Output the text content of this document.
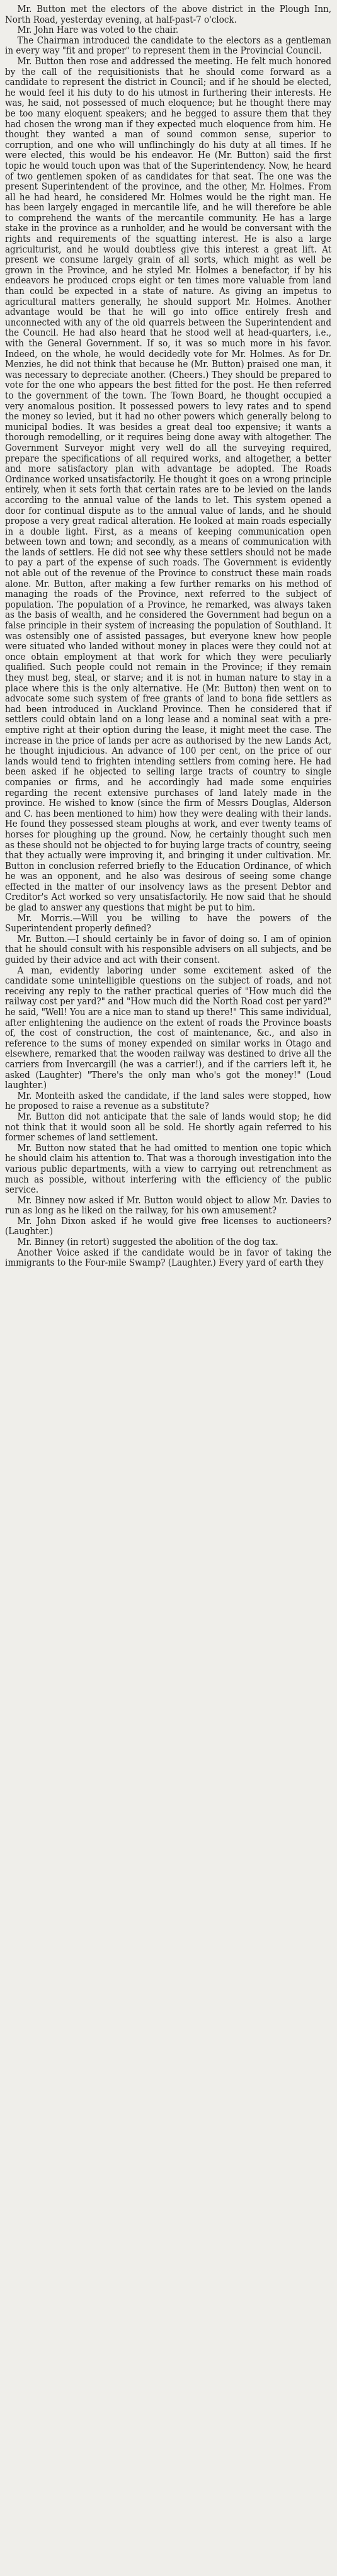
Mr. Button met the electors of the above district in the Plough Inn, North Road, yesterday evening, at half-past-7 o'clock.

Mr. John Hare was voted to the chair.

The Chairman introduced the candidate to the electors as a gentleman in every way "fit and proper" to represent them in the Provincial Council.

Mr. Button then rose and addressed the meeting. He felt much honored by the call of the requisitionists that he should come forward as a candidate to represent the district in Council; and if he should be elected, he would feel it his duty to do his utmost in furthering their interests. He was, he said, not possessed of much eloquence; but he thought there may be too many eloquent speakers; and he begged to assure them that they had chosen the wrong man if they expected much eloquence from him. He thought they wanted a man of sound common sense, superior to corruption, and one who will unflinchingly do his duty at all times. If he were elected, this would be his endeavor. He (Mr. Button) said the first topic he would touch upon was that of the Superintendency. Now, he heard of two gentlemen spoken of as candidates for that seat. The one was the present Superintendent of the province, and the other, Mr. Holmes. From all he had heard, he considered Mr. Holmes would be the right man. He has been largely engaged in mercantile life, and he will therefore be able to comprehend the wants of the mercantile community. He has a large stake in the province as a runholder, and he would be conversant with the rights and requirements of the squatting interest. He is also a large agriculturist, and he would doubtless give this interest a great lift. At present we consume largely grain of all sorts, which might as well be grown in the Province, and he styled Mr. Holmes a benefactor, if by his endeavors he produced crops eight or ten times more valuable from land than could be expected in a state of nature. As giving an impetus to agricultural matters generally, he should support Mr. Holmes. Another advantage would be that he will go into office entirely fresh and unconnected with any of the old quarrels between the Superintendent and the Council. He had also heard that he stood well at head-quarters, i.e., with the General Government. If so, it was so much more in his favor. Indeed, on the whole, he would decidedly vote for Mr. Holmes. As for Dr. Menzies, he did not think that because he (Mr. Button) praised one man, it was necessary to depreciate another. (Cheers.) They should be prepared to vote for the one who appears the best fitted for the post. He then referred to the government of the town. The Town Board, he thought occupied a very anomalous position. It possessed powers to levy rates and to spend the money so levied, but it had no other powers which generally belong to municipal bodies. It was besides a great deal too expensive; it wants a thorough remodelling, or it requires being done away with altogether. The Government Surveyor might very well do all the surveying required, prepare the specifications of all required works, and altogether, a better and more satisfactory plan with advantage be adopted. The Roads Ordinance worked unsatisfactorily. He thought it goes on a wrong principle entirely, when it sets forth that certain rates are to be levied on the lands according to the annual value of the lands to let. This system opened a door for continual dispute as to the annual value of lands, and he should propose a very great radical alteration. He looked at main roads especially in a double light. First, as a means of keeping communication open between town and town; and secondly, as a means of communication with the lands of settlers. He did not see why these settlers should not be made to pay a part of the expense of such roads. The Government is evidently not able out of the revenue of the Province to construct these main roads alone. Mr. Button, after making a few further remarks on his method of managing the roads of the Province, next referred to the subject of population. The population of a Province, he remarked, was always taken as the basis of wealth, and he considered the Government had begun on a false principle in their system of increasing the population of Southland. It was ostensibly one of assisted passages, but everyone knew how people were situated who landed without money in places were they could not at once obtain employment at that work for which they were peculiarly qualified. Such people could not remain in the Province; if they remain they must beg, steal, or starve; and it is not in human nature to stay in a place where this is the only alternative. He (Mr. Button) then went on to advocate some such system of free grants of land to bona fide settlers as had been introduced in Auckland Province. Then he considered that if settlers could obtain land on a long lease and a nominal seat with a pre-emptive right at their option during the lease, it might meet the case. The increase in the price of lands per acre as authorised by the new Lands Act, he thought injudicious. An advance of 100 per cent, on the price of our lands would tend to frighten intending settlers from coming here. He had been asked if he objected to selling large tracts of country to single companies or firms, and he accordingly had made some enquiries regarding the recent extensive purchases of land lately made in the province. He wished to know (since the firm of Messrs Douglas, Alderson and C. has been mentioned to him) how they were dealing with their lands. He found they possessed steam ploughs at work, and ever twenty teams of horses for ploughing up the ground. Now, he certainly thought such men as these should not be objected to for buying large tracts of country, seeing that they actually were improving it, and bringing it under cultivation. Mr. Button in conclusion referred briefly to the Education Ordinance, of which he was an opponent, and he also was desirous of seeing some change effected in the matter of our insolvency laws as the present Debtor and Creditor's Act worked so very unsatisfactorily. He now said that he should be glad to answer any questions that might be put to him.

Mr. Morris.—Will you be willing to have the powers of the Superintendent properly defined?

Mr. Button.—I should certainly be in favor of doing so. I am of opinion that he should consult with his responsible advisers on all subjects, and be guided by their advice and act with their consent.

A man, evidently laboring under some excitement asked of the candidate some unintelligible questions on the subject of roads, and not receiving any reply to the rather practical queries of "How much did the railway cost per yard?" and "How much did the North Road cost per yard?" he said, "Well! You are a nice man to stand up there!" This same individual, after enlightening the audience on the extent of roads the Province boasts of, the cost of construction, the cost of maintenance, &c., and also in reference to the sums of money expended on similar works in Otago and elsewhere, remarked that the wooden railway was destined to drive all the carriers from Invercargill (he was a carrier!), and if the carriers left it, he asked (Laughter) "There's the only man who's got the money!" (Loud laughter.)

Mr. Monteith asked the candidate, if the land sales were stopped, how he proposed to raise a revenue as a substitute?

Mr. Button did not anticipate that the sale of lands would stop; he did not think that it would soon all be sold. He shortly again referred to his former schemes of land settlement.

Mr. Button now stated that he had omitted to mention one topic which he should claim his attention to. That was a thorough investigation into the various public departments, with a view to carrying out retrenchment as much as possible, without interfering with the efficiency of the public service.

Mr. Binney now asked if Mr. Button would object to allow Mr. Davies to run as long as he liked on the railway, for his own amusement?

Mr. John Dixon asked if he would give free licenses to auctioneers? (Laughter.)

Mr. Binney (in retort) suggested the abolition of the dog tax.

Another Voice asked if the candidate would be in favor of taking the immigrants to the Four-mile Swamp? (Laughter.) Every yard of earth they
